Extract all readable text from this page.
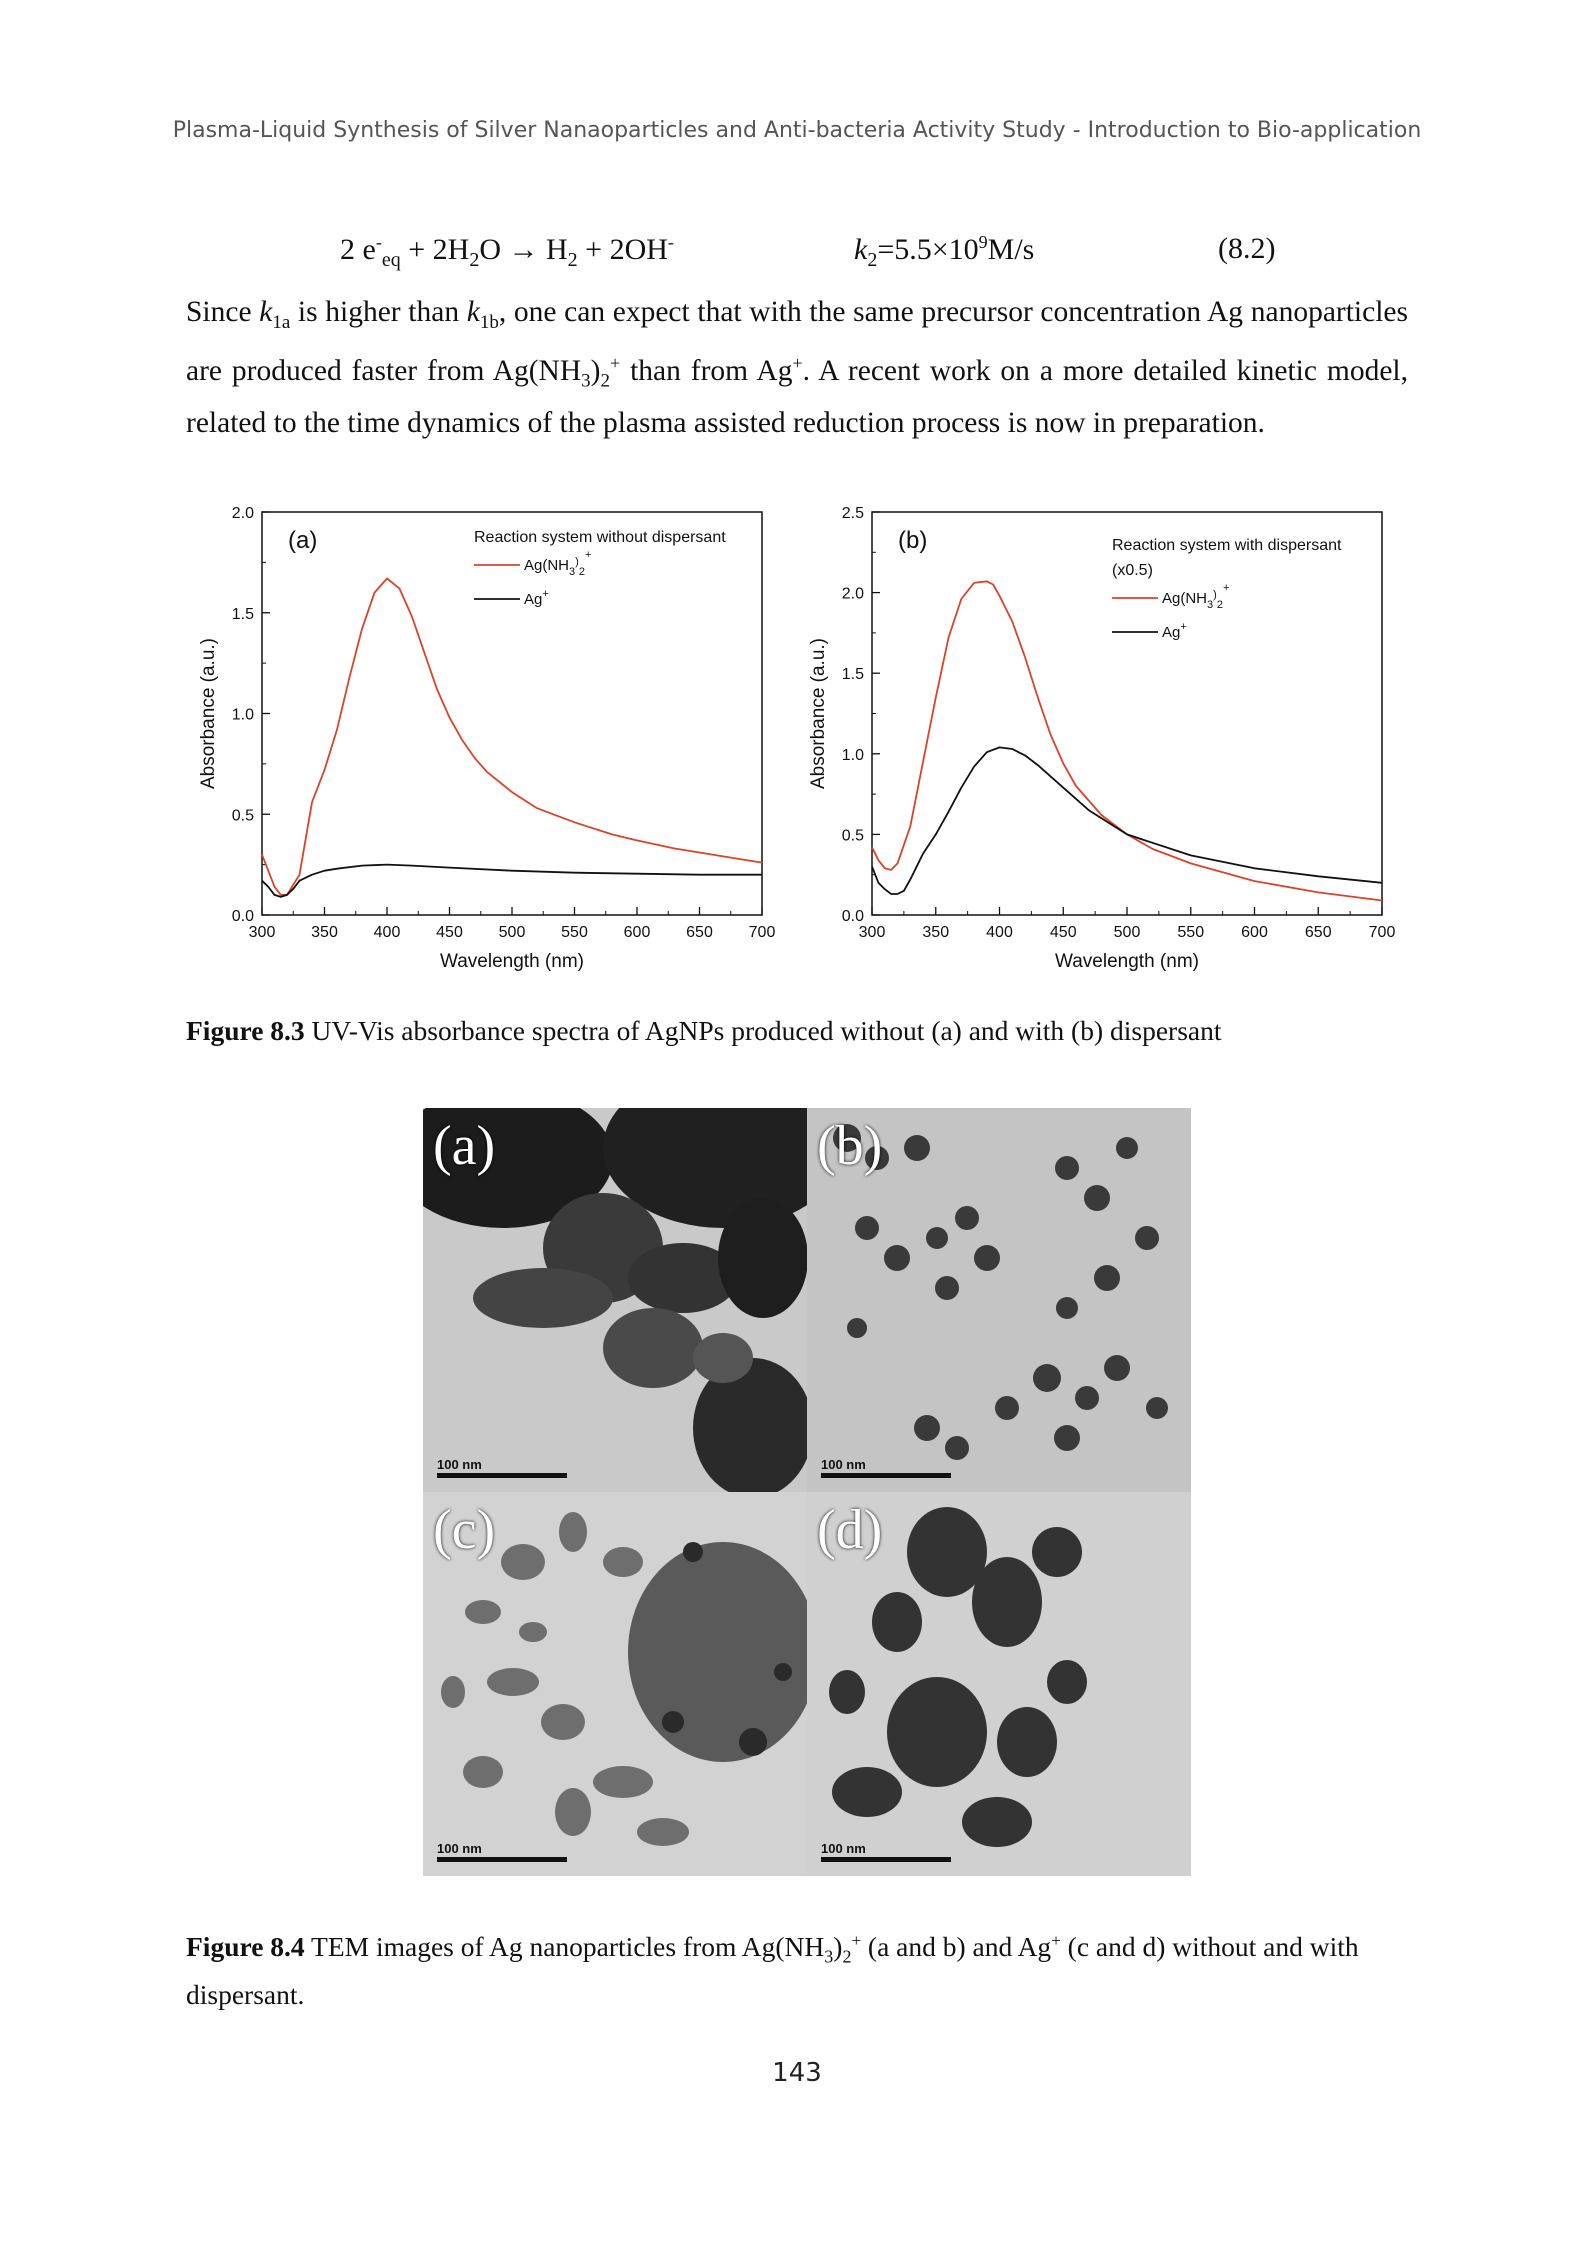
Plasma-Liquid Synthesis of Silver Nanaoparticles and Anti-bacteria Activity Study - Introduction to Bio-application
2 $e^-_{eq} + 2H_2O \to H_2 + 2OH^-$	$k_2=5.5\times 10^9M/s$	(8.2)
Since $k_{1a}$ is higher than $k_{1b}$, one can expect that with the same precursor concentration Ag nanoparticles are produced faster from $Ag(NH_3)_2^+$ than from Ag+. A recent work on a more detailed kinetic model, related to the time dynamics of the plasma assisted reduction process is now in preparation.
300 350 400 450 500 550 600 650 700
0.0
0.5
1.0
1.5
2.0
Wavelength (nm)
Absorbance (a.u.)
(a)	Reaction system without dispersant
$Ag(NH_3^)_2^+$
Ag+
300 350 400 450 500 550 600 650 700
0.0
0.5
1.0
1.5
2.0
2.5
Wavelength (nm)
Absorbance (a.u.)
(b)	Reaction system with dispersant
(x0.5)
$Ag(NH_3^)_2^+$
Ag+
Figure 8.3 UV-Vis absorbance spectra of AgNPs produced without (a) and with (b) dispersant
(a)
100 nm
(b)
100 nm
(c)
100 nm
(d)
100 nm
Figure 8.4 TEM images of Ag nanoparticles from $Ag(NH_3)_2^+$ (a and b) and Ag+ (c and d) without and with dispersant.
143
